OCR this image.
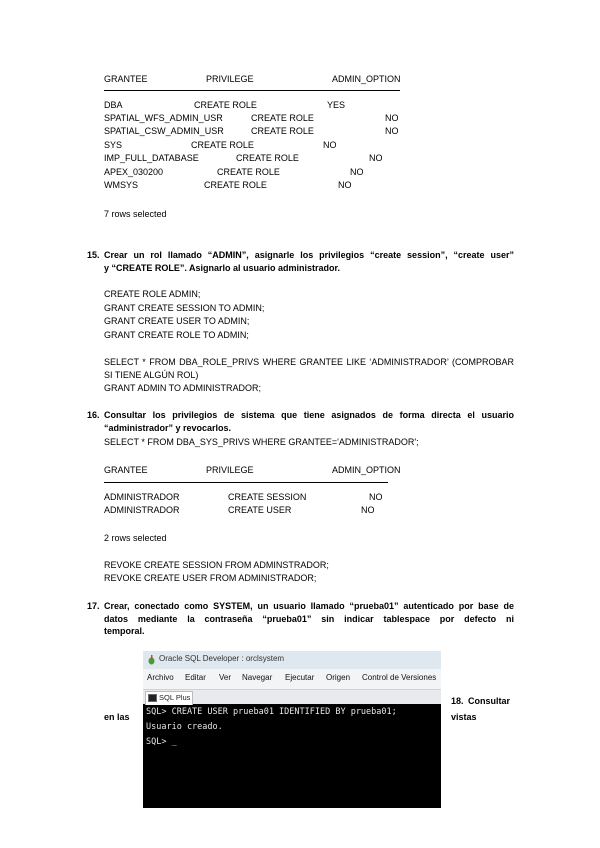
GRANTEE	PRIVILEGE	ADMIN_OPTION
DBA	CREATE ROLE	YES
SPATIAL_WFS_ADMIN_USR	CREATE ROLE	NO
SPATIAL_CSW_ADMIN_USR	CREATE ROLE	NO
SYS	CREATE ROLE	NO
IMP_FULL_DATABASE	CREATE ROLE	NO
APEX_030200	CREATE ROLE	NO
WMSYS	CREATE ROLE	NO
7 rows selected
15. Crear un rol llamado “ADMIN”, asignarle los privilegios “create session”, “create user”
y “CREATE ROLE”. Asignarlo al usuario administrador.
CREATE ROLE ADMIN;
GRANT CREATE SESSION TO ADMIN;
GRANT CREATE USER TO ADMIN;
GRANT CREATE ROLE TO ADMIN;
SELECT * FROM DBA_ROLE_PRIVS WHERE GRANTEE LIKE ‘ADMINISTRADOR’ (COMPROBAR
SI TIENE ALGÚN ROL)
GRANT ADMIN TO ADMINISTRADOR;
16. Consultar los privilegios de sistema que tiene asignados de forma directa el usuario
“administrador” y revocarlos.
SELECT * FROM DBA_SYS_PRIVS WHERE GRANTEE='ADMINISTRADOR';
GRANTEE	PRIVILEGE	ADMIN_OPTION
ADMINISTRADOR	CREATE SESSION	NO
ADMINISTRADOR	CREATE USER	NO
2 rows selected
REVOKE CREATE SESSION FROM ADMINSTRADOR;
REVOKE CREATE USER FROM ADMINISTRADOR;
17. Crear, conectado como SYSTEM, un usuario llamado “prueba01” autenticado por base de
datos mediante la contraseña “prueba01” sin indicar tablespace por defecto ni
temporal.
en las
18. Consultar
vistas
Oracle SQL Developer : orclsystem
Archivo Editar Ver Navegar Ejecutar Origen Control de Versiones
SQL Plus
SQL> CREATE USER prueba01 IDENTIFIED BY prueba01;
Usuario creado.
SQL> _
